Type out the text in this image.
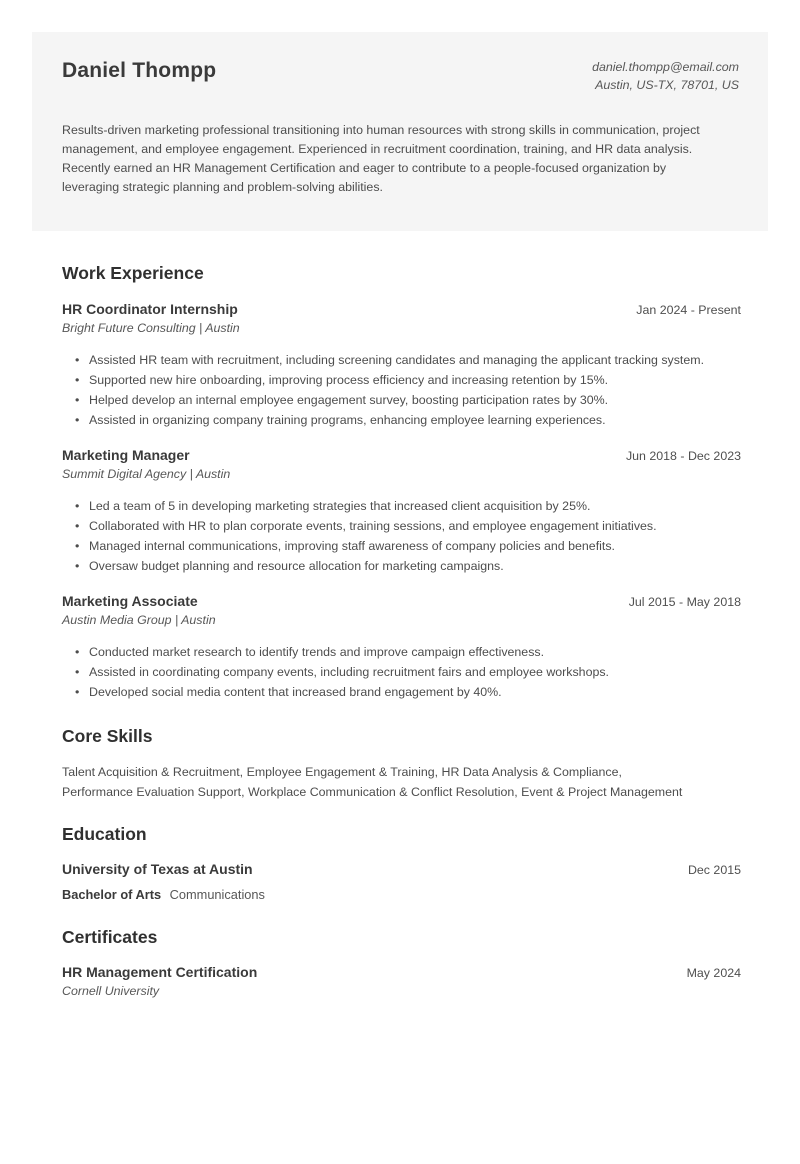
Daniel Thompp	daniel.thompp@email.com
Austin, US-TX, 78701, US
Results-driven marketing professional transitioning into human resources with strong skills in communication, project
management, and employee engagement. Experienced in recruitment coordination, training, and HR data analysis.
Recently earned an HR Management Certification and eager to contribute to a people-focused organization by
leveraging strategic planning and problem-solving abilities.
Work Experience
HR Coordinator Internship	Jan 2024 - Present
Bright Future Consulting | Austin
• Assisted HR team with recruitment, including screening candidates and managing the applicant tracking system.
• Supported new hire onboarding, improving process efficiency and increasing retention by 15%.
• Helped develop an internal employee engagement survey, boosting participation rates by 30%.
• Assisted in organizing company training programs, enhancing employee learning experiences.
Marketing Manager	Jun 2018 - Dec 2023
Summit Digital Agency | Austin
• Led a team of 5 in developing marketing strategies that increased client acquisition by 25%.
• Collaborated with HR to plan corporate events, training sessions, and employee engagement initiatives.
• Managed internal communications, improving staff awareness of company policies and benefits.
• Oversaw budget planning and resource allocation for marketing campaigns.
Marketing Associate	Jul 2015 - May 2018
Austin Media Group | Austin
• Conducted market research to identify trends and improve campaign effectiveness.
• Assisted in coordinating company events, including recruitment fairs and employee workshops.
• Developed social media content that increased brand engagement by 40%.
Core Skills
Talent Acquisition & Recruitment, Employee Engagement & Training, HR Data Analysis & Compliance,
Performance Evaluation Support, Workplace Communication & Conflict Resolution, Event & Project Management
Education
University of Texas at Austin	Dec 2015
Bachelor of Arts Communications
Certificates
HR Management Certification	May 2024
Cornell University
